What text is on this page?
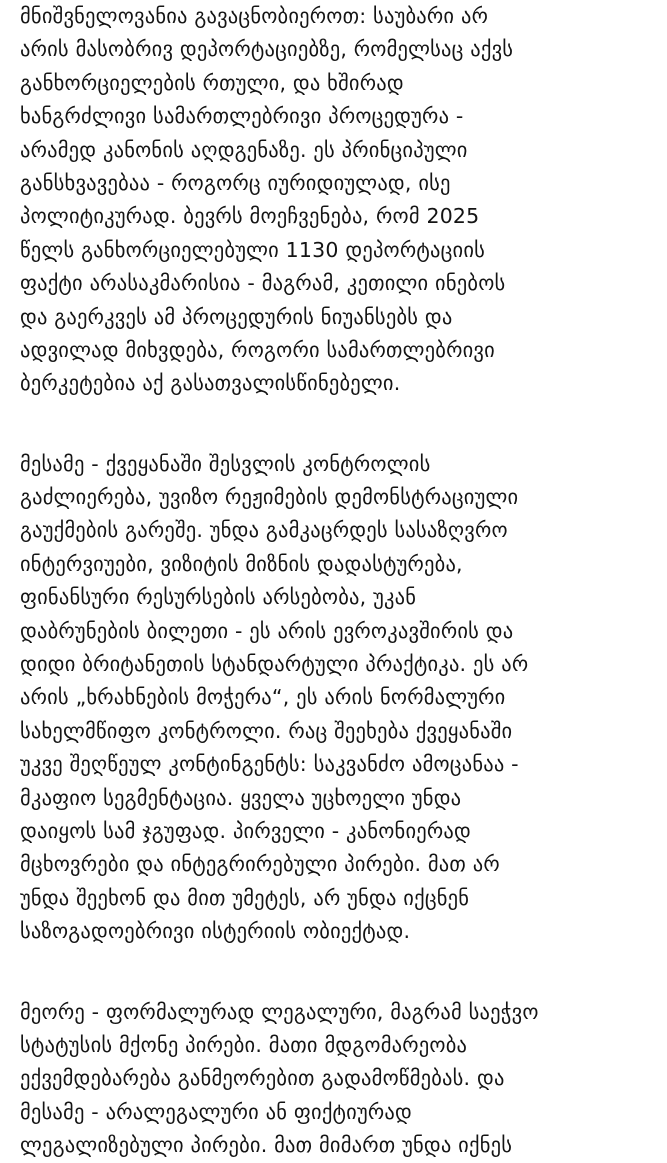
მნიშვნელოვანია გავაცნობიეროთ: საუბარი არ
არის მასობრივ დეპორტაციებზე, რომელსაც აქვს
განხორციელების რთული, და ხშირად
ხანგრძლივი სამართლებრივი პროცედურა -
არამედ კანონის აღდგენაზე. ეს პრინციპული
განსხვავებაა - როგორც იურიდიულად, ისე
პოლიტიკურად. ბევრს მოეჩვენება, რომ 2025
წელს განხორციელებული 1130 დეპორტაციის
ფაქტი არასაკმარისია - მაგრამ, კეთილი ინებოს
და გაერკვეს ამ პროცედურის ნიუანსებს და
ადვილად მიხვდება, როგორი სამართლებრივი
ბერკეტებია აქ გასათვალისწინებელი.
მესამე - ქვეყანაში შესვლის კონტროლის
გაძლიერება, უვიზო რეჟიმების დემონსტრაციული
გაუქმების გარეშე. უნდა გამკაცრდეს სასაზღვრო
ინტერვიუები, ვიზიტის მიზნის დადასტურება,
ფინანსური რესურსების არსებობა, უკან
დაბრუნების ბილეთი - ეს არის ევროკავშირის და
დიდი ბრიტანეთის სტანდარტული პრაქტიკა. ეს არ
არის „ხრახნების მოჭერა“, ეს არის ნორმალური
სახელმწიფო კონტროლი. რაც შეეხება ქვეყანაში
უკვე შეღწეულ კონტინგენტს: საკვანძო ამოცანაა -
მკაფიო სეგმენტაცია. ყველა უცხოელი უნდა
დაიყოს სამ ჯგუფად. პირველი - კანონიერად
მცხოვრები და ინტეგრირებული პირები. მათ არ
უნდა შეეხონ და მით უმეტეს, არ უნდა იქცნენ
საზოგადოებრივი ისტერიის ობიექტად.
მეორე - ფორმალურად ლეგალური, მაგრამ საეჭვო
სტატუსის მქონე პირები. მათი მდგომარეობა
ექვემდებარება განმეორებით გადამოწმებას. და
მესამე - არალეგალური ან ფიქტიურად
ლეგალიზებული პირები. მათ მიმართ უნდა იქნეს
